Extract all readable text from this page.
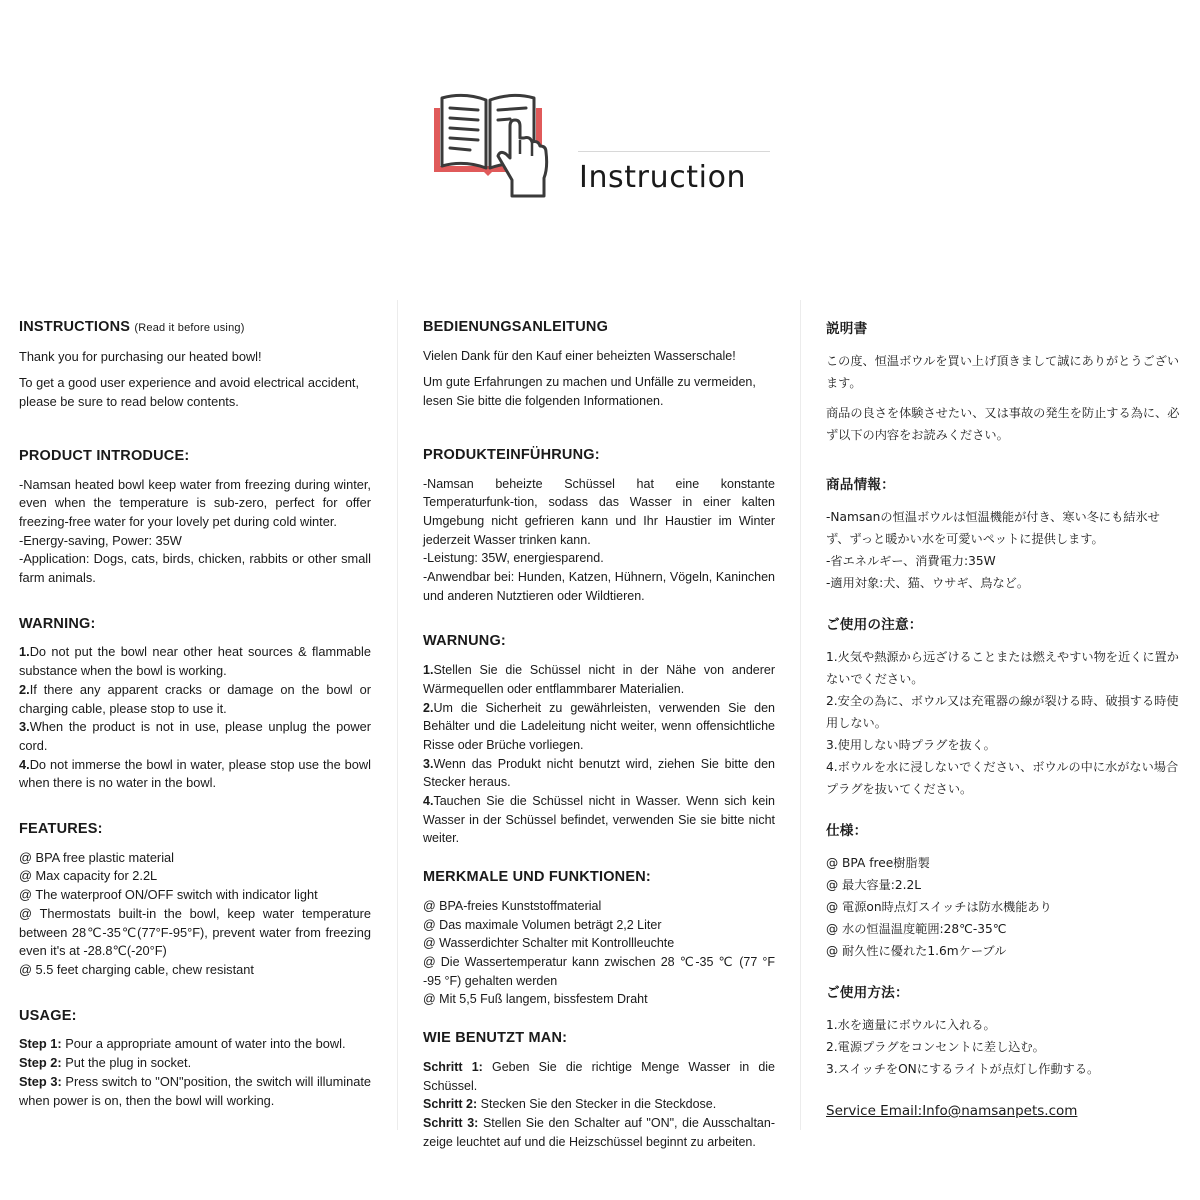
Instruction
INSTRUCTIONS (Read it before using)
Thank you for purchasing our heated bowl!
To get a good user experience and avoid electrical accident, please be sure to read below contents.
PRODUCT INTRODUCE:
-Namsan heated bowl keep water from freezing during winter, even when the temperature is sub-zero, perfect for offer freezing-free water for your lovely pet during cold winter.
-Energy-saving, Power: 35W
-Application: Dogs, cats, birds, chicken, rabbits or other small farm animals.
WARNING:
1.Do not put the bowl near other heat sources & flammable substance when the bowl is working.
2.If there any apparent cracks or damage on the bowl or charging cable, please stop to use it.
3.When the product is not in use, please unplug the power cord.
4.Do not immerse the bowl in water, please stop use the bowl when there is no water in the bowl.
FEATURES:
@ BPA free plastic material
@ Max capacity for 2.2L
@ The waterproof ON/OFF switch with indicator light
@ Thermostats built-in the bowl, keep water temperature between 28℃-35℃(77°F-95°F), prevent water from freezing even it's at -28.8℃(-20°F)
@ 5.5 feet charging cable, chew resistant
USAGE:
Step 1: Pour a appropriate amount of water into the bowl.
Step 2: Put the plug in socket.
Step 3: Press switch to "ON"position, the switch will illuminate when power is on, then the bowl will working.
BEDIENUNGSANLEITUNG
Vielen Dank für den Kauf einer beheizten Wasserschale!
Um gute Erfahrungen zu machen und Unfälle zu vermeiden, lesen Sie bitte die folgenden Informationen.
PRODUKTEINFÜHRUNG:
-Namsan beheizte Schüssel hat eine konstante Temperaturfunk-tion, sodass das Wasser in einer kalten Umgebung nicht gefrieren kann und Ihr Haustier im Winter jederzeit Wasser trinken kann.
-Leistung: 35W, energiesparend.
-Anwendbar bei: Hunden, Katzen, Hühnern, Vögeln, Kaninchen und anderen Nutztieren oder Wildtieren.
WARNUNG:
1.Stellen Sie die Schüssel nicht in der Nähe von anderer Wärmequellen oder entflammbarer Materialien.
2.Um die Sicherheit zu gewährleisten, verwenden Sie den Behälter und die Ladeleitung nicht weiter, wenn offensichtliche Risse oder Brüche vorliegen.
3.Wenn das Produkt nicht benutzt wird, ziehen Sie bitte den Stecker heraus.
4.Tauchen Sie die Schüssel nicht in Wasser. Wenn sich kein Wasser in der Schüssel befindet, verwenden Sie sie bitte nicht weiter.
MERKMALE UND FUNKTIONEN:
@ BPA-freies Kunststoffmaterial
@ Das maximale Volumen beträgt 2,2 Liter
@ Wasserdichter Schalter mit Kontrollleuchte
@ Die Wassertemperatur kann zwischen 28 ℃-35 ℃ (77 °F -95 °F) gehalten werden
@ Mit 5,5 Fuß langem, bissfestem Draht
WIE BENUTZT MAN:
Schritt 1: Geben Sie die richtige Menge Wasser in die Schüssel.
Schritt 2: Stecken Sie den Stecker in die Steckdose.
Schritt 3: Stellen Sie den Schalter auf "ON", die Ausschaltan-zeige leuchtet auf und die Heizschüssel beginnt zu arbeiten.
説明書
この度、恒温ボウルを買い上げ頂きまして誠にありがとうございます。
商品の良さを体験させたい、又は事故の発生を防止する為に、必ず以下の内容をお読みください。
商品情報：
-Namsanの恒温ボウルは恒温機能が付き、寒い冬にも結氷せず、ずっと暖かい水を可愛いペットに提供します。
-省エネルギー、消費電力:35W
-適用対象:犬、猫、ウサギ、鳥など。
ご使用の注意：
1.火気や熱源から远ざけることまたは燃えやすい物を近くに置かないでください。
2.安全の為に、ボウル又は充電器の線が裂ける時、破損する時使用しない。
3.使用しない時プラグを抜く。
4.ボウルを水に浸しないでください、ボウルの中に水がない場合プラグを抜いてください。
仕様：
@ BPA free樹脂製
@ 最大容量:2.2L
@ 電源on時点灯スイッチは防水機能あり
@ 水の恒温温度範囲:28℃-35℃
@ 耐久性に優れた1.6mケーブル
ご使用方法：
1.水を適量にボウルに入れる。
2.電源プラグをコンセントに差し込む。
3.スイッチをONにするライトが点灯し作動する。
Service Email:Info@namsanpets.com
